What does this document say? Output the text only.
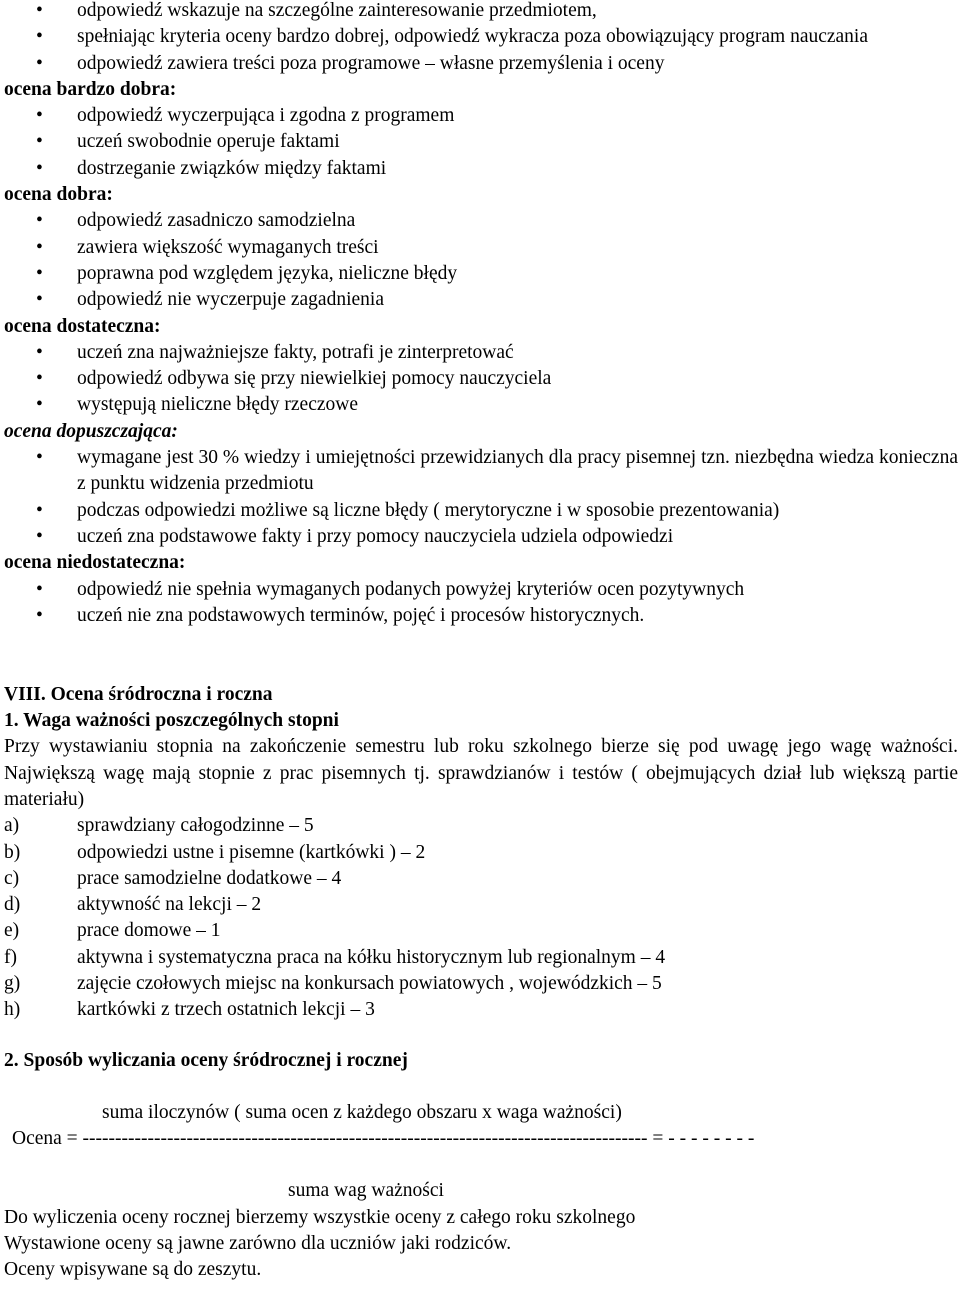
• odpowiedź wskazuje na szczególne zainteresowanie przedmiotem,
• spełniając kryteria oceny bardzo dobrej, odpowiedź wykracza poza obowiązujący program nauczania
• odpowiedź zawiera treści poza programowe – własne przemyślenia i oceny
ocena bardzo dobra:
• odpowiedź wyczerpująca i zgodna z programem
• uczeń swobodnie operuje faktami
• dostrzeganie związków między faktami
ocena dobra:
• odpowiedź zasadniczo samodzielna
• zawiera większość wymaganych treści
• poprawna pod względem języka, nieliczne błędy
• odpowiedź nie wyczerpuje zagadnienia
ocena dostateczna:
• uczeń zna najważniejsze fakty, potrafi je zinterpretować
• odpowiedź odbywa się przy niewielkiej pomocy nauczyciela
• występują nieliczne błędy rzeczowe
ocena dopuszczająca:
• wymagane jest 30 % wiedzy i umiejętności przewidzianych dla pracy pisemnej tzn. niezbędna wiedza konieczna z punktu widzenia przedmiotu
• podczas odpowiedzi możliwe są liczne błędy ( merytoryczne i w sposobie prezentowania)
• uczeń zna podstawowe fakty i przy pomocy nauczyciela udziela odpowiedzi
ocena niedostateczna:
• odpowiedź nie spełnia wymaganych podanych powyżej kryteriów ocen pozytywnych
• uczeń nie zna podstawowych terminów, pojęć i procesów historycznych.
VIII. Ocena śródroczna i roczna
1. Waga ważności poszczególnych stopni
Przy wystawianiu stopnia na zakończenie semestru lub roku szkolnego bierze się pod uwagę jego wagę ważności. Największą wagę mają stopnie z prac pisemnych tj. sprawdzianów i testów ( obejmujących dział lub większą partie materiału)
a)	sprawdziany całogodzinne – 5
b)	odpowiedzi ustne i pisemne (kartkówki ) – 2
c)	prace samodzielne dodatkowe – 4
d)	aktywność na lekcji – 2
e)	prace domowe – 1
f)	aktywna i systematyczna praca na kółku historycznym lub regionalnym – 4
g)	zajęcie czołowych miejsc na konkursach powiatowych , wojewódzkich – 5
h)	kartkówki z trzech ostatnich lekcji – 3
2. Sposób wyliczania oceny śródrocznej i rocznej
suma iloczynów ( suma ocen z każdego obszaru x waga ważności)
Ocena = --------------------------------------------------------------------------------------- = - - - - - - - -
suma wag ważności
Do wyliczenia oceny rocznej bierzemy wszystkie oceny z całego roku szkolnego
Wystawione oceny są jawne zarówno dla uczniów jaki rodziców.
Oceny wpisywane są do zeszytu.
